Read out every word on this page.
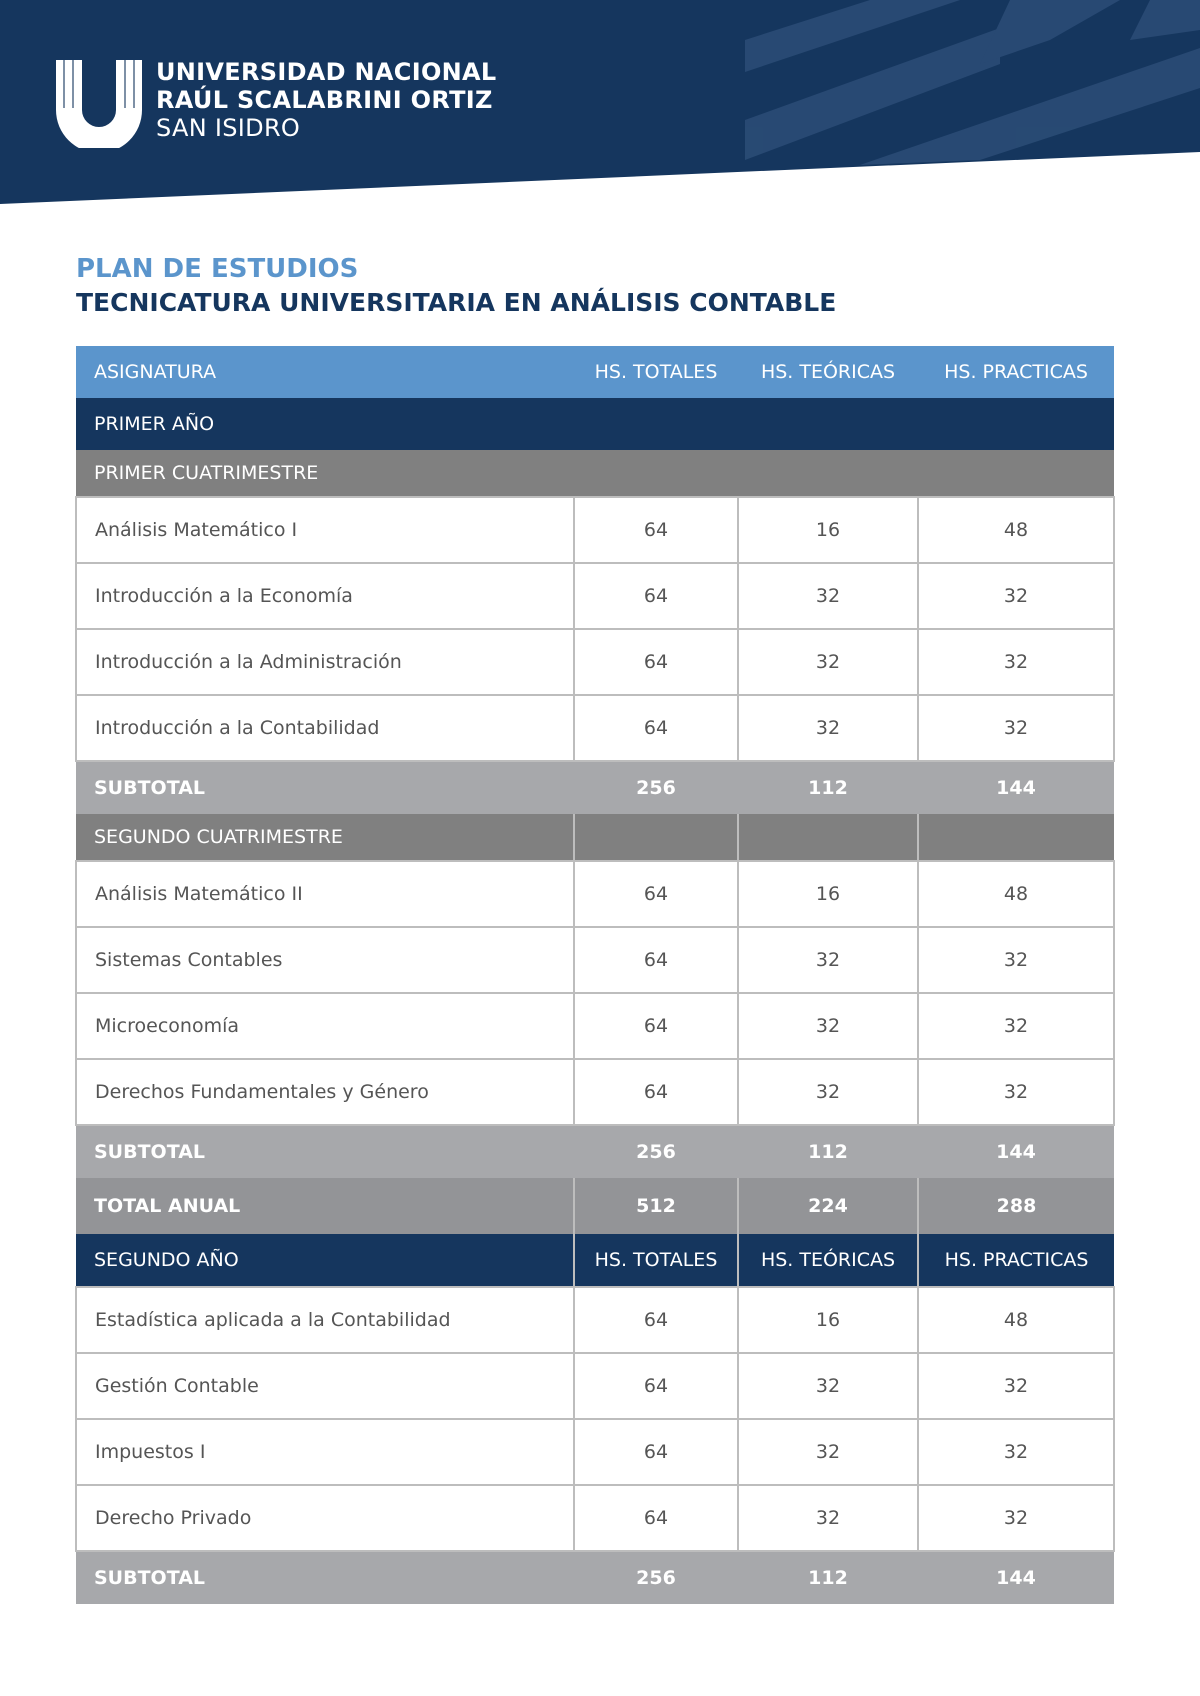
UNIVERSIDAD NACIONAL
RAÚL SCALABRINI ORTIZ
SAN ISIDRO
PLAN DE ESTUDIOS
TECNICATURA UNIVERSITARIA EN ANÁLISIS CONTABLE
ASIGNATURA	HS. TOTALES	HS. TEÓRICAS	HS. PRACTICAS
PRIMER AÑO			
PRIMER CUATRIMESTRE			
Análisis Matemático I	64	16	48
Introducción a la Economía	64	32	32
Introducción a la Administración	64	32	32
Introducción a la Contabilidad	64	32	32
SUBTOTAL	256	112	144
SEGUNDO CUATRIMESTRE			
Análisis Matemático II	64	16	48
Sistemas Contables	64	32	32
Microeconomía	64	32	32
Derechos Fundamentales y Género	64	32	32
SUBTOTAL	256	112	144
TOTAL ANUAL	512	224	288
SEGUNDO AÑO	HS. TOTALES	HS. TEÓRICAS	HS. PRACTICAS
Estadística aplicada a la Contabilidad	64	16	48
Gestión Contable	64	32	32
Impuestos I	64	32	32
Derecho Privado	64	32	32
SUBTOTAL	256	112	144
